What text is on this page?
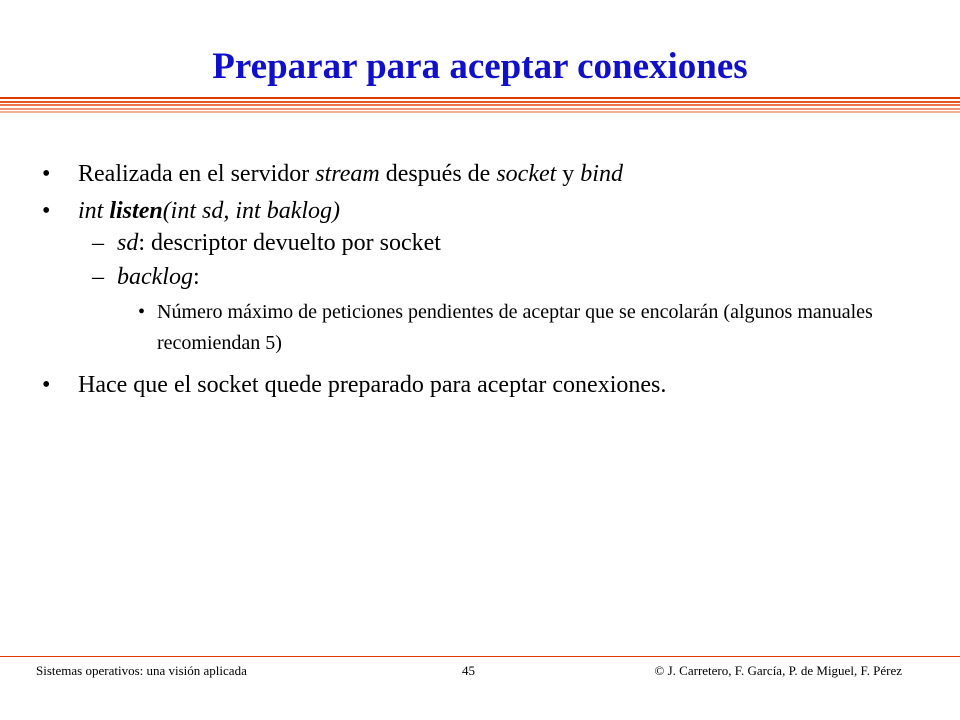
Preparar para aceptar conexiones
• Realizada en el servidor stream después de socket y bind
• int listen(int sd, int baklog)
– sd: descriptor devuelto por socket
– backlog:
• Número máximo de peticiones pendientes de aceptar que se encolarán (algunos manuales recomiendan 5)
• Hace que el socket quede preparado para aceptar conexiones.
Sistemas operativos: una visión aplicada	45	© J. Carretero, F. García, P. de Miguel, F. Pérez
